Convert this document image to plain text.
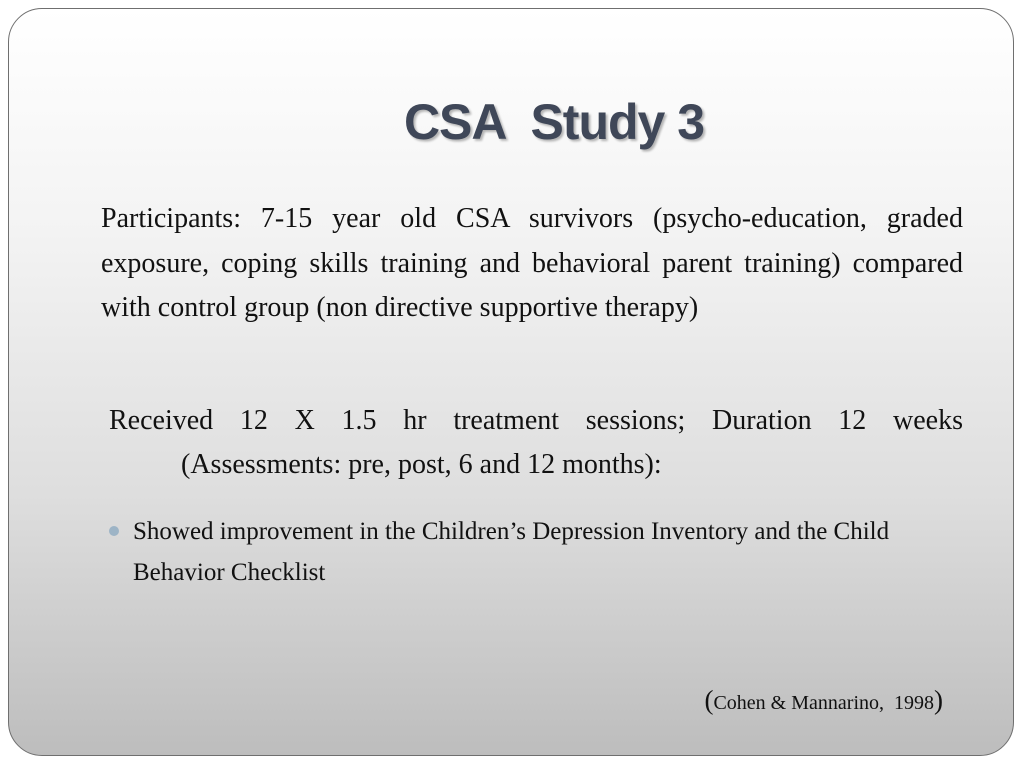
CSA  Study 3

Participants: 7-15 year old CSA survivors (psycho-education, graded exposure, coping skills training and behavioral parent training) compared with control group (non directive supportive therapy)

Received 12 X 1.5 hr treatment sessions; Duration 12 weeks
(Assessments: pre, post, 6 and 12 months):
Showed improvement in the Children’s Depression Inventory and the Child Behavior Checklist
(Cohen & Mannarino,  1998)
